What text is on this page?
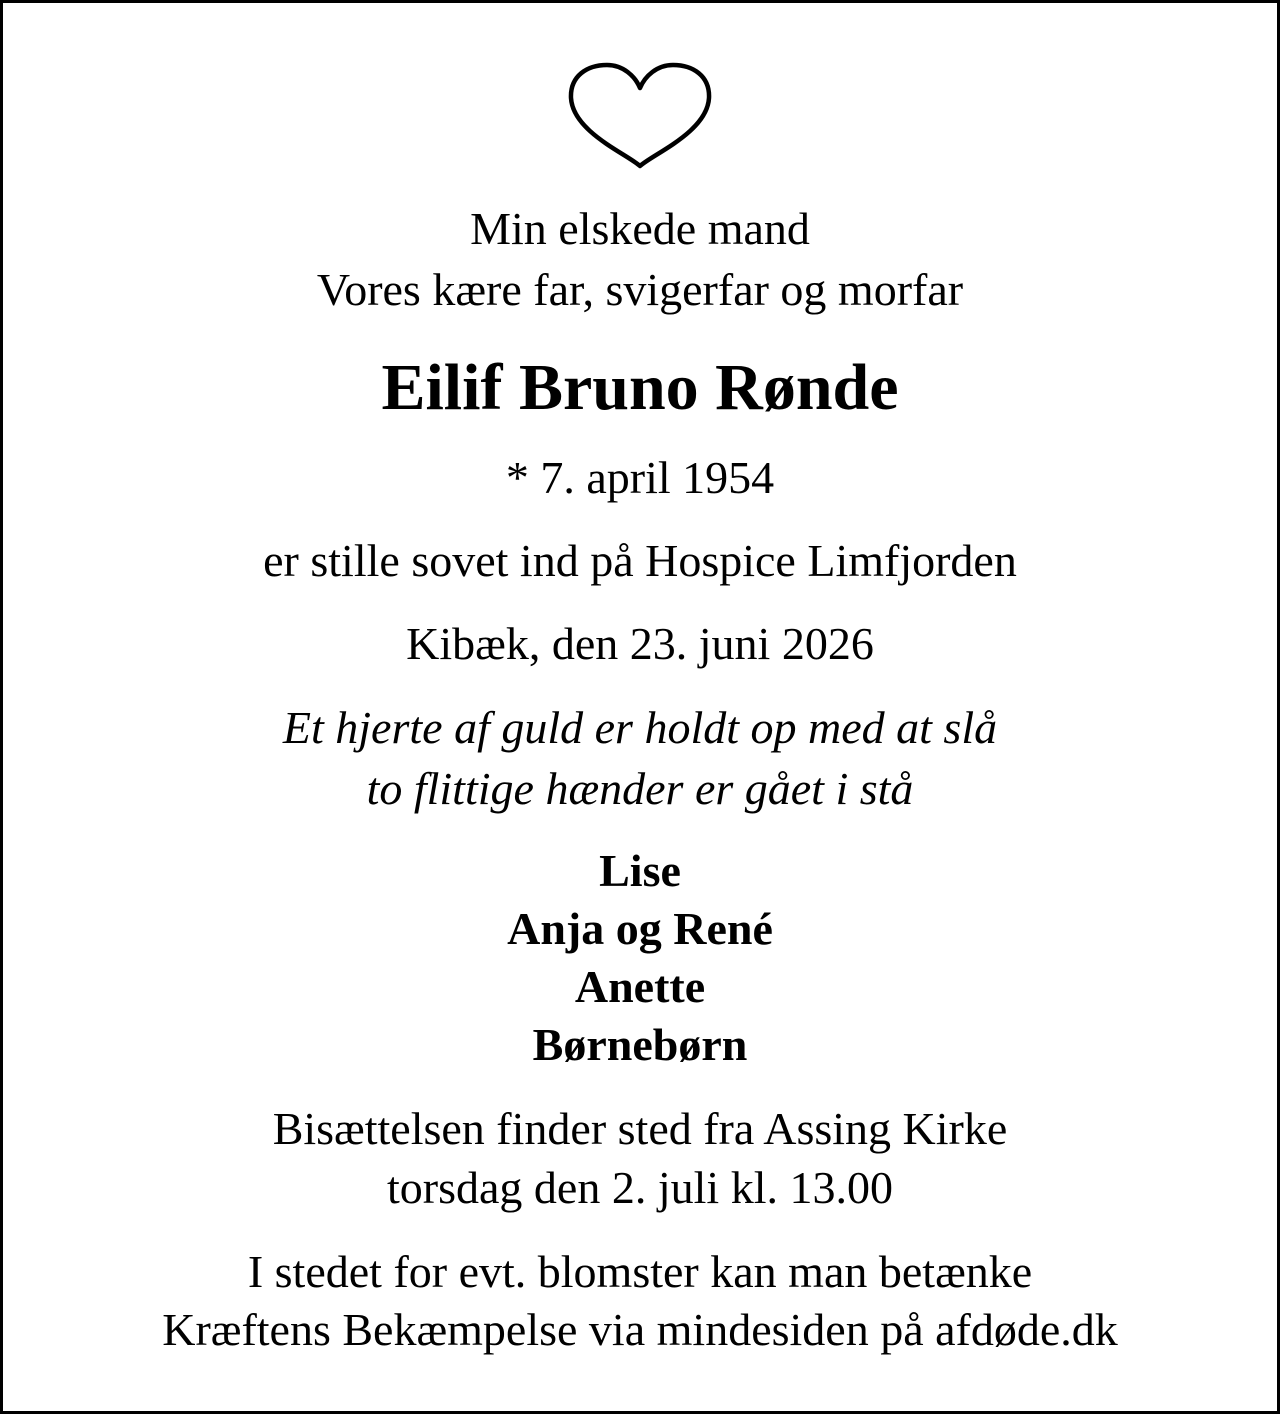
Min elskede mand
Vores kære far, svigerfar og morfar
Eilif Bruno Rønde
* 7. april 1954
er stille sovet ind på Hospice Limfjorden
Kibæk, den 23. juni 2026
Et hjerte af guld er holdt op med at slå
to flittige hænder er gået i stå
Lise
Anja og René
Anette
Børnebørn
Bisættelsen finder sted fra Assing Kirke
torsdag den 2. juli kl. 13.00
I stedet for evt. blomster kan man betænke
Kræftens Bekæmpelse via mindesiden på afdøde.dk
